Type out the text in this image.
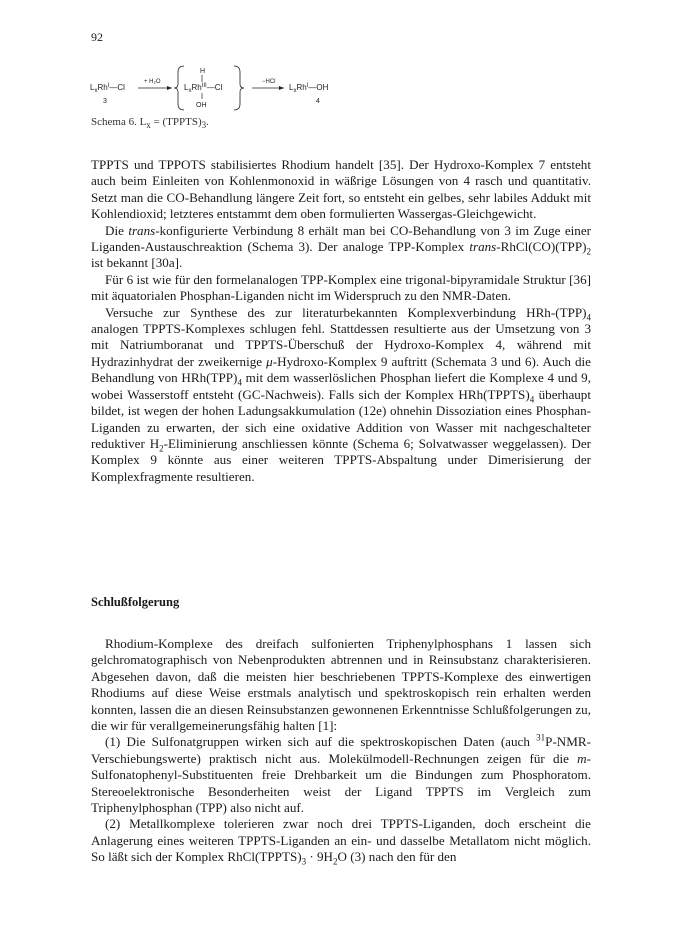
92
$L_xRh^I—Cl$
3
+ H₂O
H
$L_xRh^{III}—Cl$
OH
−HCl
$L_xRh^I—OH$
4
Schema 6. $L_x$ = $(TPPTS)_3$.

TPPTS und TPPOTS stabilisiertes Rhodium handelt [35]. Der Hydroxo-Komplex 7 entsteht auch beim Einleiten von Kohlenmonoxid in wäßrige Lösungen von 4 rasch und quantitativ. Setzt man die CO-Behandlung längere Zeit fort, so entsteht ein gelbes, sehr labiles Addukt mit Kohlendioxid; letzteres entstammt dem oben formulierten Wassergas-Gleichgewicht.

Die trans-konfigurierte Verbindung 8 erhält man bei CO-Behandlung von 3 im Zuge einer Liganden-Austauschreaktion (Schema 3). Der analoge TPP-Komplex trans-$RhCl(CO)(TPP)_2$ ist bekannt [30a].

Für 6 ist wie für den formelanalogen TPP-Komplex eine trigonal-bipyramidale Struktur [36] mit äquatorialen Phosphan-Liganden nicht im Widerspruch zu den NMR-Daten.

Versuche zur Synthese des zur literaturbekannten Komplexverbindung HRh-$(TPP)_4$ analogen TPPTS-Komplexes schlugen fehl. Stattdessen resultierte aus der Umsetzung von 3 mit Natriumboranat und TPPTS-Überschuß der Hydroxo-Komplex 4, während mit Hydrazinhydrat der zweikernige μ-Hydroxo-Komplex 9 auftritt (Schemata 3 und 6). Auch die Behandlung von $HRh(TPP)_4$ mit dem wasserlöslichen Phosphan liefert die Komplexe 4 und 9, wobei Wasserstoff entsteht (GC-Nachweis). Falls sich der Komplex $HRh(TPPTS)_4$ überhaupt bildet, ist wegen der hohen Ladungsakkumulation (12e) ohnehin Dissoziation eines Phosphan-Liganden zu erwarten, der sich eine oxidative Addition von Wasser mit nachgeschalteter reduktiver $H_2$-Eliminierung anschliessen könnte (Schema 6; Solvatwasser weggelassen). Der Komplex 9 könnte aus einer weiteren TPPTS-Abspaltung under Dimerisierung der Komplexfragmente resultieren.

Schlußfolgerung

Rhodium-Komplexe des dreifach sulfonierten Triphenylphosphans 1 lassen sich gelchromatographisch von Nebenprodukten abtrennen und in Reinsubstanz charakterisieren. Abgesehen davon, daß die meisten hier beschriebenen TPPTS-Komplexe des einwertigen Rhodiums auf diese Weise erstmals analytisch und spektroskopisch rein erhalten werden konnten, lassen die an diesen Reinsubstanzen gewonnenen Erkenntnisse Schlußfolgerungen zu, die wir für verallgemeinerungsfähig halten [1]:

(1) Die Sulfonatgruppen wirken sich auf die spektroskopischen Daten (auch $^{31}$P-NMR-Verschiebungswerte) praktisch nicht aus. Molekülmodell-Rechnungen zeigen für die m-Sulfonatophenyl-Substituenten freie Drehbarkeit um die Bindungen zum Phosphoratom. Stereoelektronische Besonderheiten weist der Ligand TPPTS im Vergleich zum Triphenylphosphan (TPP) also nicht auf.

(2) Metallkomplexe tolerieren zwar noch drei TPPTS-Liganden, doch erscheint die Anlagerung eines weiteren TPPTS-Liganden an ein- und dasselbe Metallatom nicht möglich. So läßt sich der Komplex $RhCl(TPPTS)_3 \cdot 9H_2O$ (3) nach den für den
